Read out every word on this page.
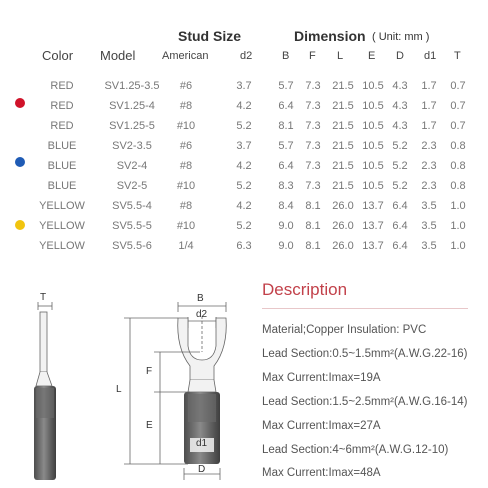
Stud Size	Dimension ( Unit: mm )
Color Model American	d2	B F L E D d1 T
RED	SV1.25-3.5	#6	3.7	5.7	7.3	21.5 10.5 4.3	1.7	0.7
RED	SV1.25-4	#8	4.2	6.4	7.3	21.5 10.5 4.3	1.7	0.7
RED	SV1.25-5	#10	5.2	8.1	7.3	21.5 10.5 4.3	1.7	0.7
BLUE	SV2-3.5	#6	3.7	5.7	7.3	21.5 10.5 5.2	2.3	0.8
BLUE	SV2-4	#8	4.2	6.4	7.3	21.5 10.5 5.2	2.3	0.8
BLUE	SV2-5	#10	5.2	8.3	7.3	21.5 10.5 5.2	2.3	0.8
YELLOW	SV5.5-4	#8	4.2	8.4	8.1	26.0 13.7 6.4	3.5	1.0
YELLOW	SV5.5-5	#10	5.2	9.0	8.1	26.0 13.7 6.4	3.5	1.0
YELLOW	SV5.5-6	1/4	6.3	9.0	8.1	26.0 13.7 6.4	3.5	1.0
T	B
d2
F
L
E
d1
D
Description
Material;Copper Insulation: PVC
Lead Section:0.5~1.5mm²(A.W.G.22-16)
Max Current:Imax=19A
Lead Section:1.5~2.5mm²(A.W.G.16-14)
Max Current:Imax=27A
Lead Section:4~6mm²(A.W.G.12-10)
Max Current:Imax=48A
